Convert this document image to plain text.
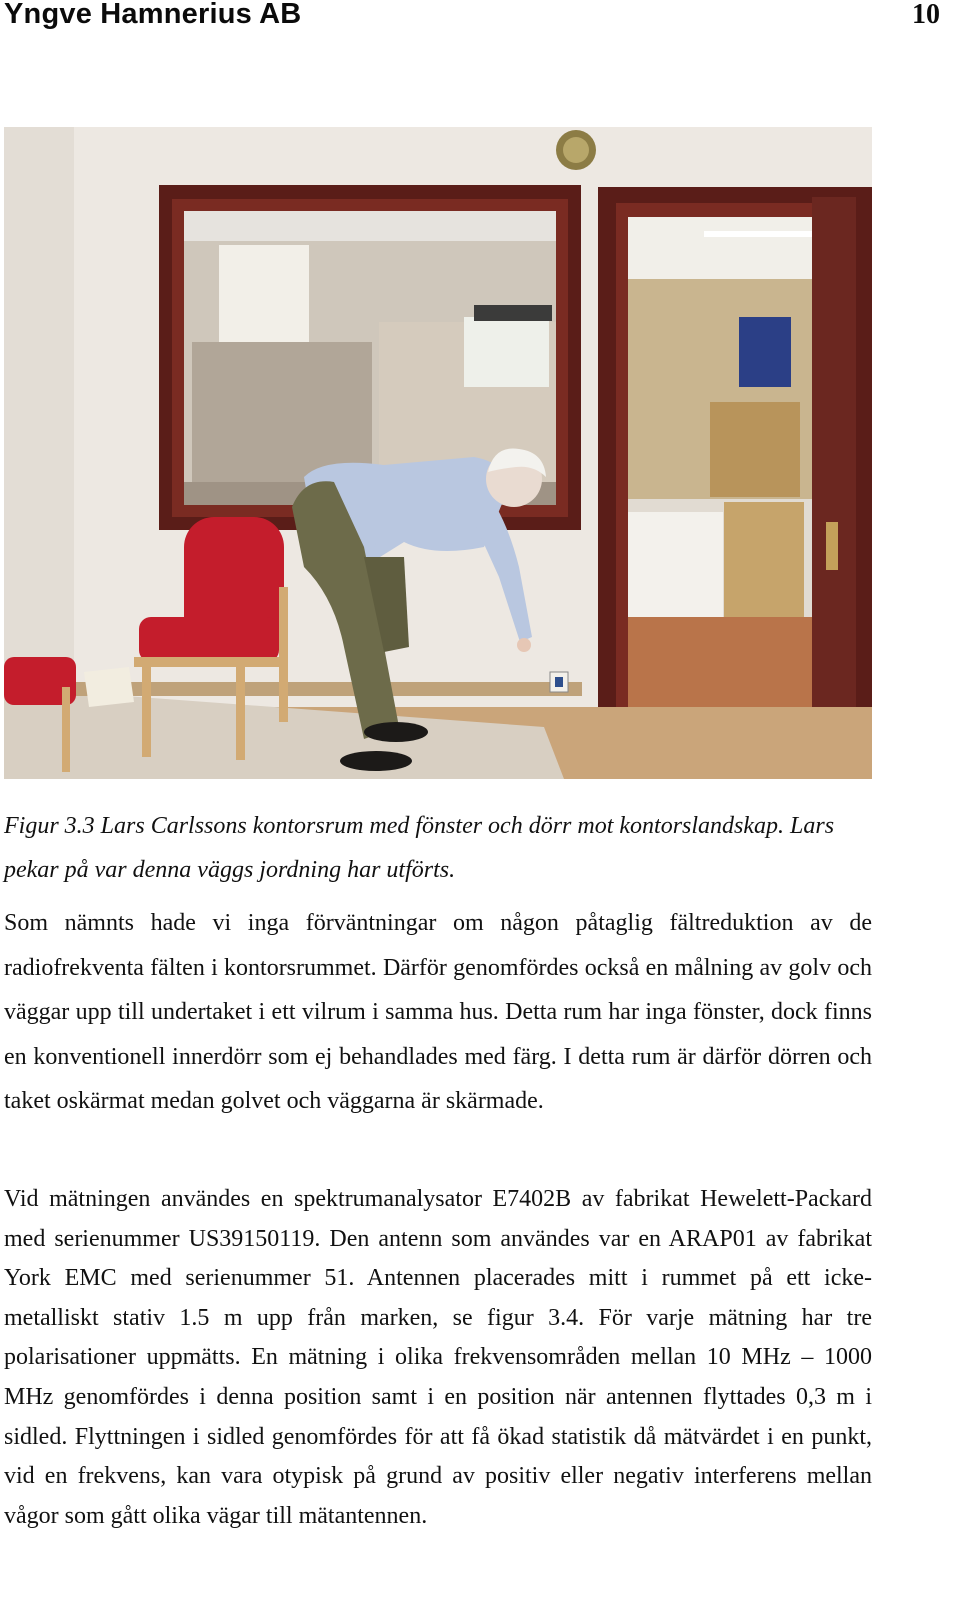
Yngve Hamnerius AB	10

Figur 3.3 Lars Carlssons kontorsrum med fönster och dörr mot kontorslandskap. Lars pekar på var denna väggs jordning har utförts.

Som nämnts hade vi inga förväntningar om någon påtaglig fältreduktion av de radiofrekventa fälten i kontorsrummet. Därför genomfördes också en målning av golv och väggar upp till undertaket i ett vilrum i samma hus. Detta rum har inga fönster, dock finns en konventionell innerdörr som ej behandlades med färg. I detta rum är därför dörren och taket oskärmat medan golvet och väggarna är skärmade.

Vid mätningen användes en spektrumanalysator E7402B av fabrikat Hewelett-Packard med serienummer US39150119. Den antenn som användes var en ARAP01 av fabrikat York EMC med serienummer 51. Antennen placerades mitt i rummet på ett icke-metalliskt stativ 1.5 m upp från marken, se figur 3.4. För varje mätning har tre polarisationer uppmätts. En mätning i olika frekvensområden mellan 10 MHz – 1000 MHz genomfördes i denna position samt i en position när antennen flyttades 0,3 m i sidled. Flyttningen i sidled genomfördes för att få ökad statistik då mätvärdet i en punkt, vid en frekvens, kan vara otypisk på grund av positiv eller negativ interferens mellan vågor som gått olika vägar till mätantennen.
